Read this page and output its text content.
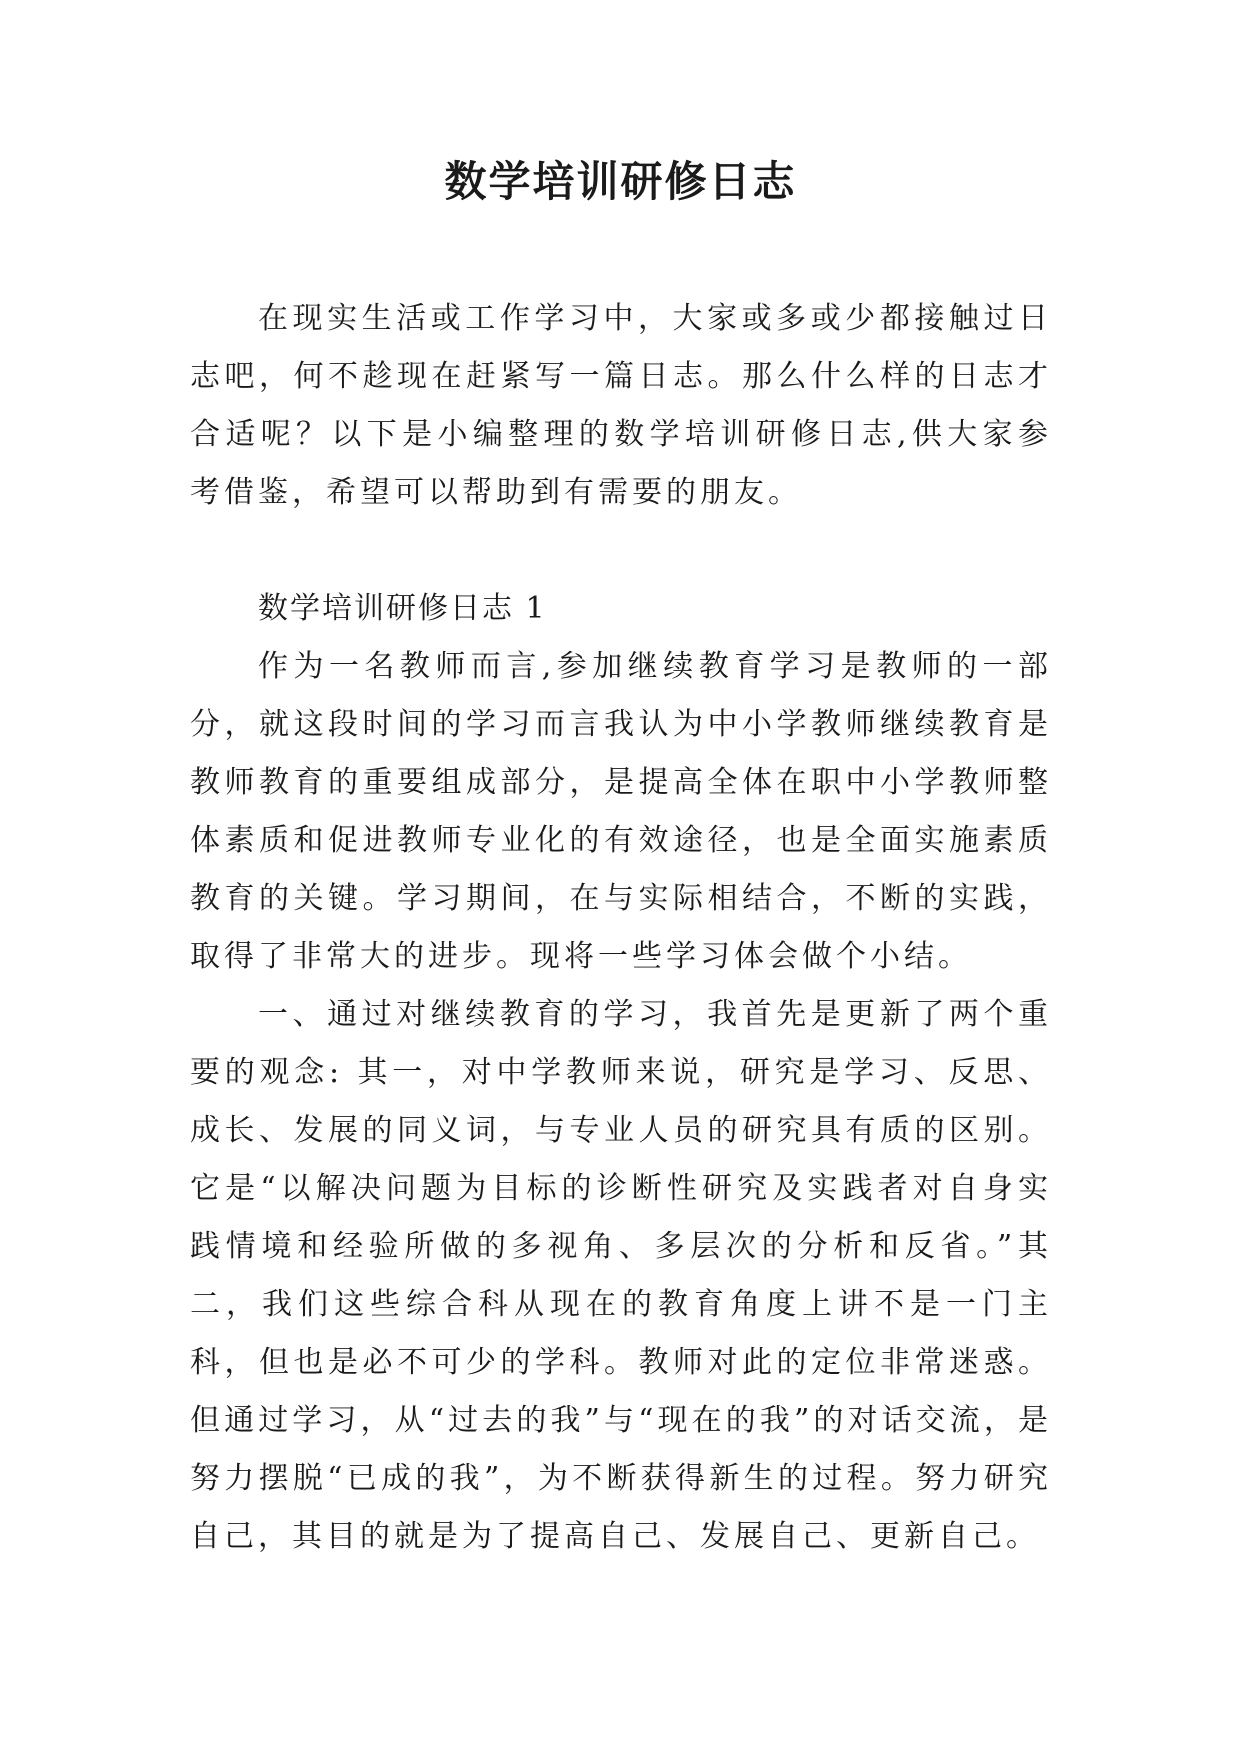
数学培训研修日志

在现实生活或工作学习中，大家或多或少都接触过日志吧，何不趁现在赶紧写一篇日志。那么什么样的日志才合适呢？以下是小编整理的数学培训研修日志,供大家参考借鉴，希望可以帮助到有需要的朋友。

数学培训研修日志 1

作为一名教师而言,参加继续教育学习是教师的一部分，就这段时间的学习而言我认为中小学教师继续教育是教师教育的重要组成部分，是提高全体在职中小学教师整体素质和促进教师专业化的有效途径，也是全面实施素质教育的关键。学习期间，在与实际相结合，不断的实践，取得了非常大的进步。现将一些学习体会做个小结。

一、通过对继续教育的学习，我首先是更新了两个重要的观念: 其一，对中学教师来说，研究是学习、反思、成长、发展的同义词，与专业人员的研究具有质的区别。它是“以解决问题为目标的诊断性研究及实践者对自身实践情境和经验所做的多视角、多层次的分析和反省。”其二，我们这些综合科从现在的教育角度上讲不是一门主科，但也是必不可少的学科。教师对此的定位非常迷惑。但通过学习，从“过去的我”与“现在的我”的对话交流，是努力摆脱“已成的我”，为不断获得新生的过程。努力研究自己，其目的就是为了提高自己、发展自己、更新自己。
